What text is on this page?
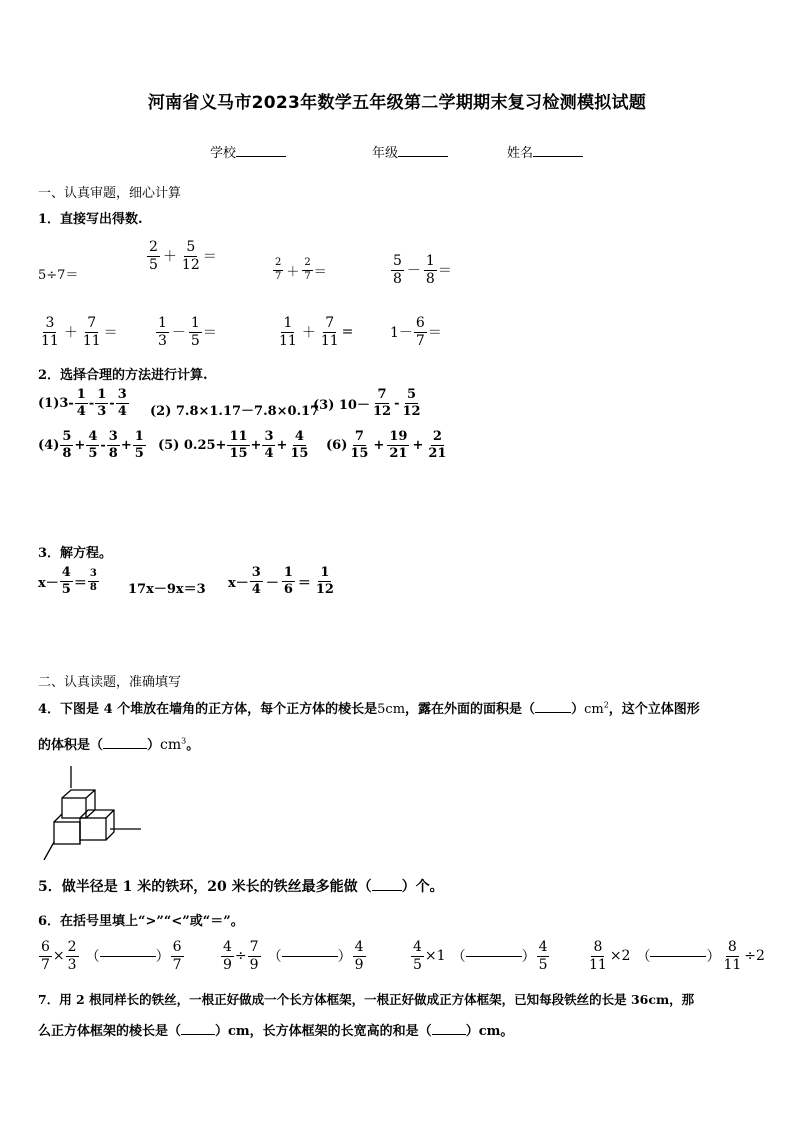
河南省义马市2023年数学五年级第二学期期末复习检测模拟试题
学校	年级	姓名
一、认真审题，细心计算
1．直接写出得数.
5÷7＝
$\frac{2}{5} + \frac{5}{12}$ ＝
$\frac{2}{7} + \frac{2}{7}$ ＝	$\frac{5}{8} - \frac{1}{8}$ ＝
$\frac{3}{11} + \frac{7}{11}$ ＝	$\frac{1}{3} - \frac{1}{5}$ ＝	$\frac{1}{11} + \frac{7}{11}$ =	$1- \frac{6}{7}$ ＝
2．选择合理的方法进行计算.
$(1)3- \frac{1}{4} - \frac{1}{3} - \frac{3}{4} (2)$ 7.8×1.17－7.8×0.17
(3) $10- \frac{7}{12} - \frac{5}{12}$
$(4) \frac{5}{8} + \frac{4}{5} - \frac{3}{8} + \frac{1}{5} (5)$ $0.25+ \frac{11}{15} + \frac{3}{4} + \frac{4}{15} (6) \frac{7}{15} + \frac{19}{21} + \frac{2}{21}$
3．解方程。
$x- \frac{4}{5} = \frac{3}{8} 17x-9x=3$ $x- \frac{3}{4} - \frac{1}{6} = \frac{1}{12}$
二、认真读题，准确填写
4．下图是 4 个堆放在墙角的正方体，每个正方体的棱长是5cm，露在外面的面积是（	）$cm^2$，这个立体图形
的体积是（	）$cm^3$。
5．做半径是 1 米的铁环，20 米长的铁丝最多能做（ ）个。
6．在括号里填上“>”“<”或“＝”。
$\frac{6}{7} \times \frac{2}{3}$ （	） $\frac{6}{7}$	$\frac{4}{9} \div \frac{7}{9}$ （	） $\frac{4}{9}$	$\frac{4}{5} \times 1$ （	） $\frac{4}{5}$	$\frac{8}{11} \times 2$ （	） $\frac{8}{11} \div 2$
7．用 2 根同样长的铁丝，一根正好做成一个长方体框架，一根正好做成正方体框架，已知每段铁丝的长是 36cm，那
么正方体框架的棱长是（	）cm，长方体框架的长宽高的和是（	）cm。
